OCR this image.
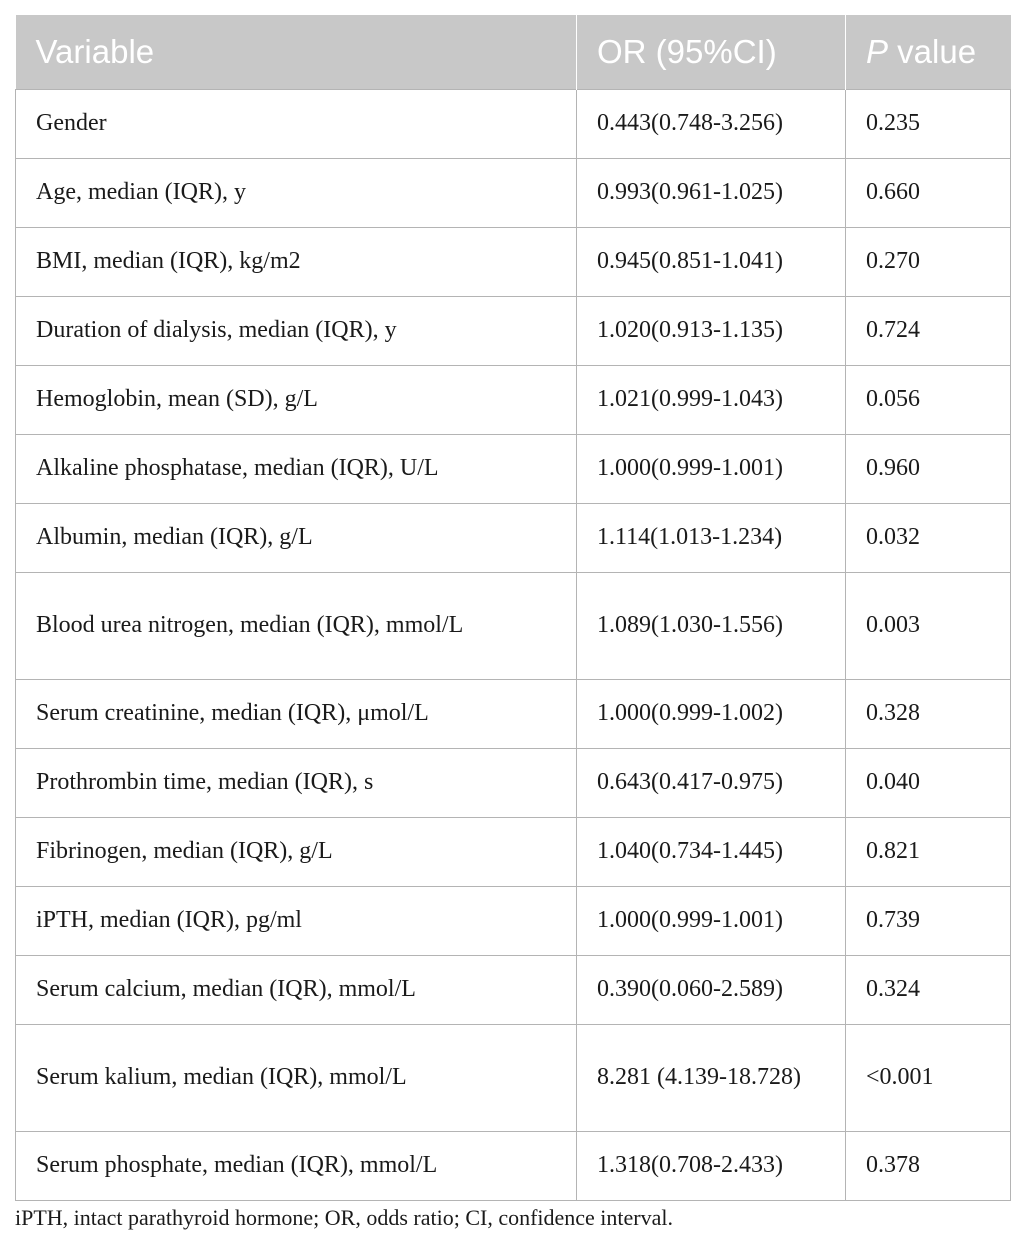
Variable	OR (95%CI)	P value
Gender	0.443(0.748-3.256)	0.235
Age, median (IQR), y	0.993(0.961-1.025)	0.660
BMI, median (IQR), kg/m2	0.945(0.851-1.041)	0.270
Duration of dialysis, median (IQR), y	1.020(0.913-1.135)	0.724
Hemoglobin, mean (SD), g/L	1.021(0.999-1.043)	0.056
Alkaline phosphatase, median (IQR), U/L	1.000(0.999-1.001)	0.960
Albumin, median (IQR), g/L	1.114(1.013-1.234)	0.032
Blood urea nitrogen, median (IQR), mmol/L	1.089(1.030-1.556)	0.003
Serum creatinine, median (IQR), μmol/L	1.000(0.999-1.002)	0.328
Prothrombin time, median (IQR), s	0.643(0.417-0.975)	0.040
Fibrinogen, median (IQR), g/L	1.040(0.734-1.445)	0.821
iPTH, median (IQR), pg/ml	1.000(0.999-1.001)	0.739
Serum calcium, median (IQR), mmol/L	0.390(0.060-2.589)	0.324
Serum kalium, median (IQR), mmol/L	8.281 (4.139-18.728)	<0.001
Serum phosphate, median (IQR), mmol/L	1.318(0.708-2.433)	0.378
iPTH, intact parathyroid hormone; OR, odds ratio; CI, confidence interval.
